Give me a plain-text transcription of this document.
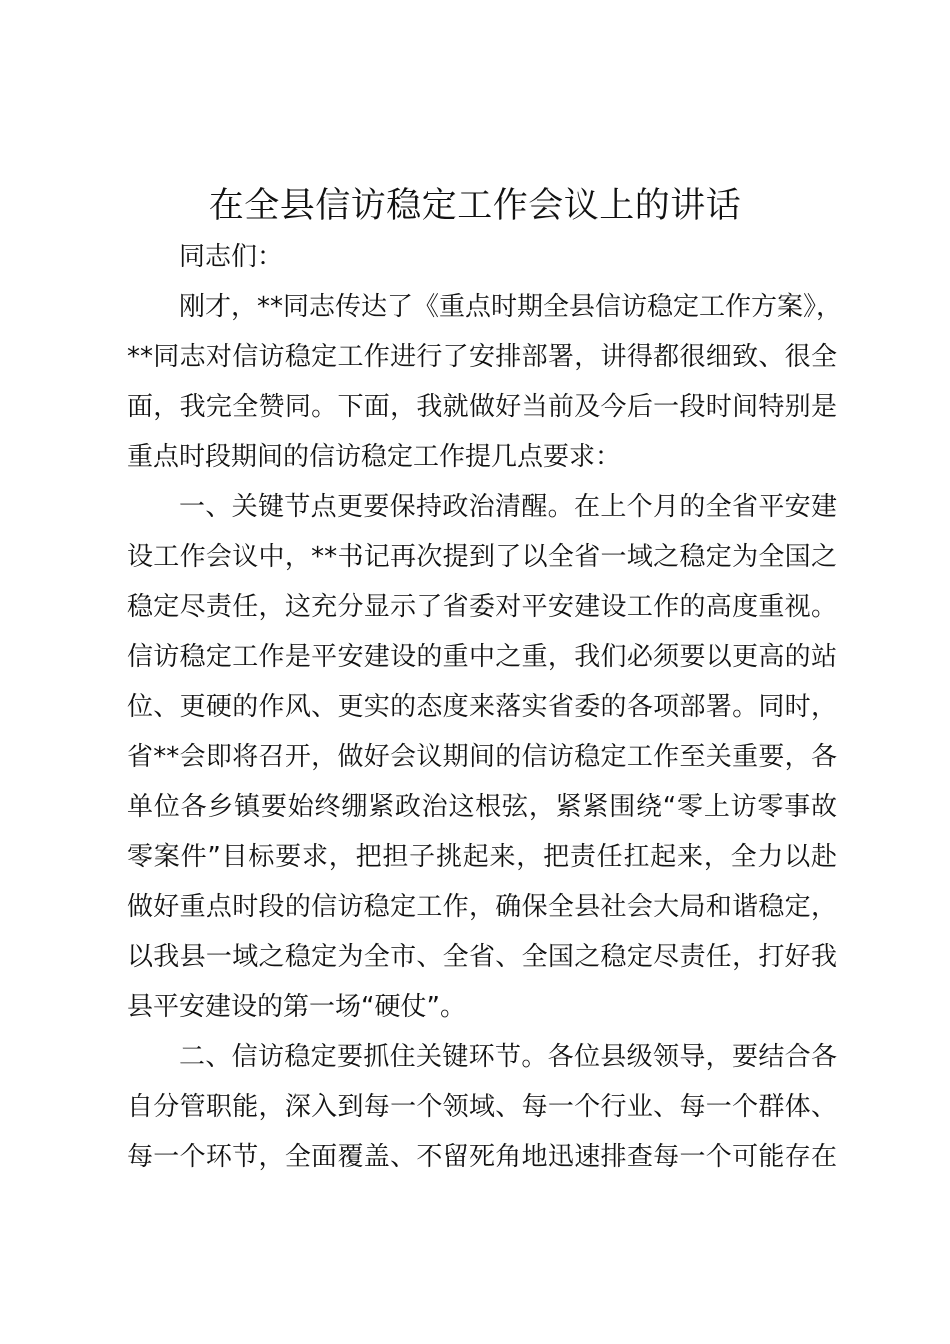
在全县信访稳定工作会议上的讲话

同志们：

刚才，**同志传达了《重点时期全县信访稳定工作方案》，

**同志对信访稳定工作进行了安排部署，讲得都很细致、很全

面，我完全赞同。下面，我就做好当前及今后一段时间特别是

重点时段期间的信访稳定工作提几点要求：

一、关键节点更要保持政治清醒。在上个月的全省平安建

设工作会议中，**书记再次提到了以全省一域之稳定为全国之

稳定尽责任，这充分显示了省委对平安建设工作的高度重视。

信访稳定工作是平安建设的重中之重，我们必须要以更高的站

位、更硬的作风、更实的态度来落实省委的各项部署。同时，

省**会即将召开，做好会议期间的信访稳定工作至关重要，各

单位各乡镇要始终绷紧政治这根弦，紧紧围绕“零上访零事故

零案件”目标要求，把担子挑起来，把责任扛起来，全力以赴

做好重点时段的信访稳定工作，确保全县社会大局和谐稳定，

以我县一域之稳定为全市、全省、全国之稳定尽责任，打好我

县平安建设的第一场“硬仗”。

二、信访稳定要抓住关键环节。各位县级领导，要结合各

自分管职能，深入到每一个领域、每一个行业、每一个群体、

每一个环节，全面覆盖、不留死角地迅速排查每一个可能存在
